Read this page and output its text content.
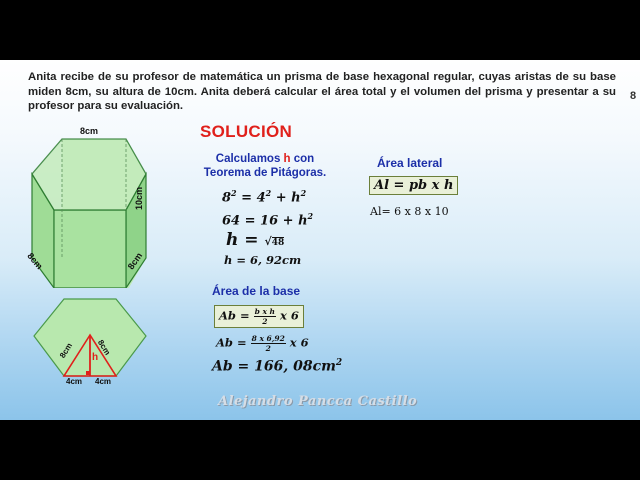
Anita recibe de su profesor de matemática un prisma de base hexagonal regular, cuyas aristas de su base miden 8cm, su altura de 10cm. Anita deberá calcular el área total y el volumen del prisma y presentar a su profesor para su evaluación.
8
8cm
10cm
8cm	8cm
8cm	8cm
h
4cm 4cm
SOLUCIÓN
Calculamos h con
Teorema de Pitágoras.
$8^2 = 4^2 + h^2$
$64 = 16 + h^2$
h = √48
h = 6, 92cm
Área lateral
Al = pb x h
Al= 6 x 8 x 10
Área de la base
$Ab = \frac{\text{b x h}}{2}$ x 6
$Ab = \frac{8 x 6,92}{2}$ x 6
Ab = 166, $08cm^2$
Alejandro Pancca Castillo
